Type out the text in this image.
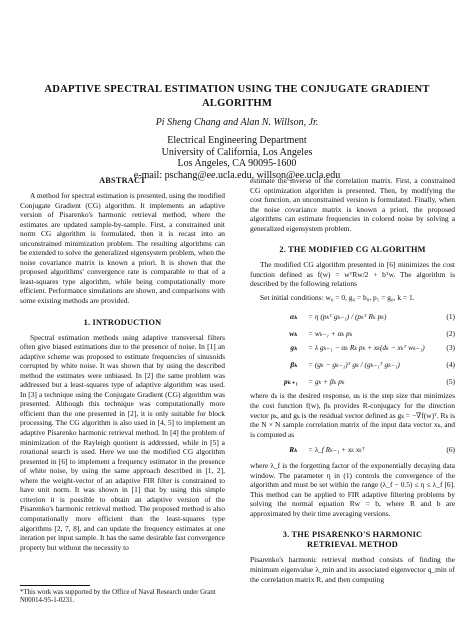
ADAPTIVE SPECTRAL ESTIMATION USING THE CONJUGATE GRADIENT
ALGORITHM
Pi Sheng Chang and Alan N. Willson, Jr.
Electrical Engineering Department
University of California, Los Angeles
Los Angeles, CA 90095-1600
e-mail: pschang@ee.ucla.edu, willson@ee.ucla.edu
ABSTRACT

A method for spectral estimation is presented, using the modified Conjugate Gradient (CG) algorithm. It implements an adaptive version of Pisarenko's harmonic retrieval method, where the estimates are updated sample-by-sample. First, a constrained unit norm CG algorithm is formulated, then it is recast into an unconstrained minimization problem. The resulting algorithms can be extended to solve the generalized eigensystem problem, when the noise covariance matrix is known a priori. It is shown that the proposed algorithms' convergence rate is comparable to that of a least-squares type algorithm, while being computationally more efficient. Performance simulations are shown, and comparisons with some existing methods are provided.

1. INTRODUCTION

Spectral estimation methods using adaptive transversal filters often give biased estimations due to the presence of noise. In [1] an adaptive scheme was proposed to estimate frequencies of sinusoids corrupted by white noise. It was shown that by using the described method the estimates were unbiased. In [2] the same problem was addressed but a least-squares type of adaptive algorithm was used. In [3] a technique using the Conjugate Gradient (CG) algorithm was presented. Although this technique was computationally more efficient than the one presented in [2], it is only suitable for block processing. The CG algorithm is also used in [4, 5] to implement an adaptive Pisarenko harmonic retrieval method. In [4] the problem of minimization of the Rayleigh quotient is addressed, while in [5] a rotational search is used. Here we use the modified CG algorithm presented in [6] to implement a frequency estimator in the presence of white noise, by using the same approach described in [1, 2], where the weight-vector of an adaptive FIR filter is constrained to have unit norm. It was shown in [1] that by using this simple criterion it is possible to obtain an adaptive version of the Pisarenko's harmonic retrieval method. The proposed method is also computationally more efficient than the least-squares type algorithms [2, 7, 8], and can update the frequency estimates at one iteration per input sample. It has the same desirable fast convergence property but without the necessity to

*This work was supported by the Office of Naval Research under Grant N00014-95-1-0231.

estimate the inverse of the correlation matrix. First, a constrained CG optimization algorithm is presented. Then, by modifying the cost function, an unconstrained version is formulated. Finally, when the noise covariance matrix is known a priori, the proposed algorithms can estimate frequencies in colored noise by solving a generalized eigensystem problem.

2. THE MODIFIED CG ALGORITHM

The modified CG algorithm presented in [6] minimizes the cost function defined as f(w) = wᵀRw/2 + bᵀw. The algorithm is described by the following relations

Set initial conditions: w₀ = 0, g₀ = b₀, p₁ = g₀, k = 1.

αₖ	= η (pₖᵀ gₖ₋₁) / (pₖᵀ Rₖ pₖ)	(1)
wₖ	= wₖ₋₁ + αₖ pₖ	(2)
gₖ	= λ gₖ₋₁ − αₖ Rₖ pₖ + xₖ(dₖ − xₖᵀ wₖ₋₁)	(3)
βₖ	= (gₖ − gₖ₋₁)ᵀ gₖ / (gₖ₋₁ᵀ gₖ₋₁)	(4)
pₖ₊₁	= gₖ + βₖ pₖ	(5)

where dₖ is the desired response, αₖ is the step size that minimizes the cost function f(w), βₖ provides R-conjugacy for the direction vector pₖ, and gₖ is the residual vector defined as gₖ = −∇f(w)ᵀ. Rₖ is the N × N sample correlation matrix of the input data vector xₖ, and is computed as

Rₖ	= λ_f Rₖ₋₁ + xₖ xₖᵀ	(6)

where λ_f is the forgetting factor of the exponentially decaying data window. The parameter η in (1) controls the convergence of the algorithm and must be set within the range (λ_f − 0.5) ≤ η ≤ λ_f [6]. This method can be applied to FIR adaptive filtering problems by solving the normal equation Rw = b, where R and b are approximated by their time averaging versions.

3. THE PISARENKO'S HARMONIC
RETRIEVAL METHOD

Pisarenko's harmonic retrieval method consists of finding the minimum eigenvalue λ_min and its associated eigenvector q_min of the correlation matrix R, and then computing
